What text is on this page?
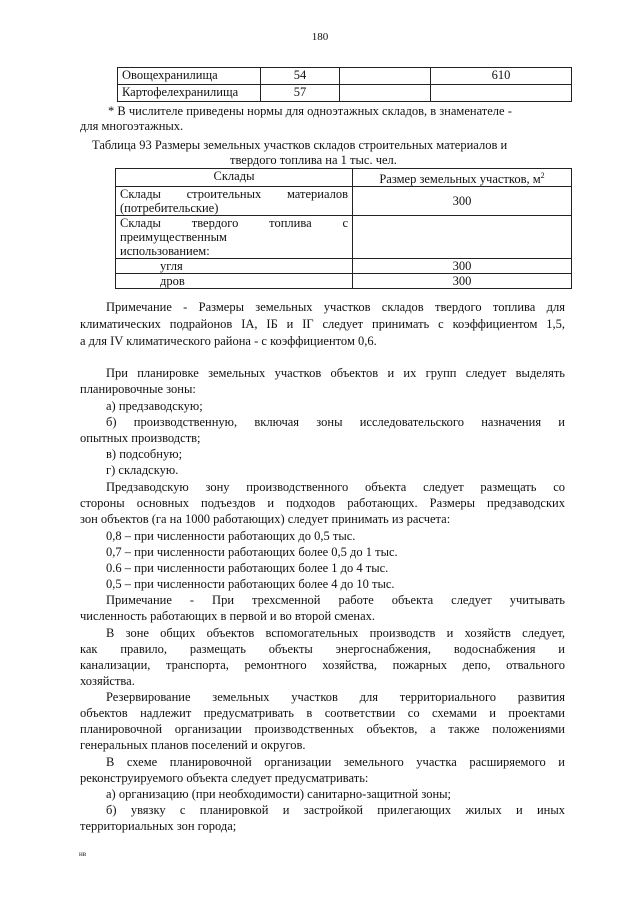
180
Овощехранилища	54		610
Картофелехранилища	57		
* В числителе приведены нормы для одноэтажных складов, в знаменателе -
для многоэтажных.
Таблица 93 Размеры земельных участков складов строительных материалов и
твердого топлива на 1 тыс. чел.
Склады	Размер земельных участков, $м^2$

Склады строительных материалов
(потребительские)	300

Склады твердого топлива с
преимущественным
использованием:	

угля	300
дров	300
Примечание - Размеры земельных участков складов твердого топлива для
климатических подрайонов IА, IБ и IГ следует принимать с коэффициентом 1,5,
а для IV климатического района - с коэффициентом 0,6.
При планировке земельных участков объектов и их групп следует выделять
планировочные зоны:
а) предзаводскую;
б) производственную, включая зоны исследовательского назначения и
опытных производств;
в) подсобную;
г) складскую.
Предзаводскую зону производственного объекта следует размещать со
стороны основных подъездов и подходов работающих. Размеры предзаводских
зон объектов (га на 1000 работающих) следует принимать из расчета:
0,8 – при численности работающих до 0,5 тыс.
0,7 – при численности работающих более 0,5 до 1 тыс.
0.6 – при численности работающих более 1 до 4 тыс.
0,5 – при численности работающих более 4 до 10 тыс.
Примечание - При трехсменной работе объекта следует учитывать
численность работающих в первой и во второй сменах.
В зоне общих объектов вспомогательных производств и хозяйств следует,
как правило, размещать объекты энергоснабжения, водоснабжения и
канализации, транспорта, ремонтного хозяйства, пожарных депо, отвального
хозяйства.
Резервирование земельных участков для территориального развития
объектов надлежит предусматривать в соответствии со схемами и проектами
планировочной организации производственных объектов, а также положениями
генеральных планов поселений и округов.
В схеме планировочной организации земельного участка расширяемого и
реконструируемого объекта следует предусматривать:
а) организацию (при необходимости) санитарно-защитной зоны;
б) увязку с планировкой и застройкой прилегающих жилых и иных
территориальных зон города;
нв
